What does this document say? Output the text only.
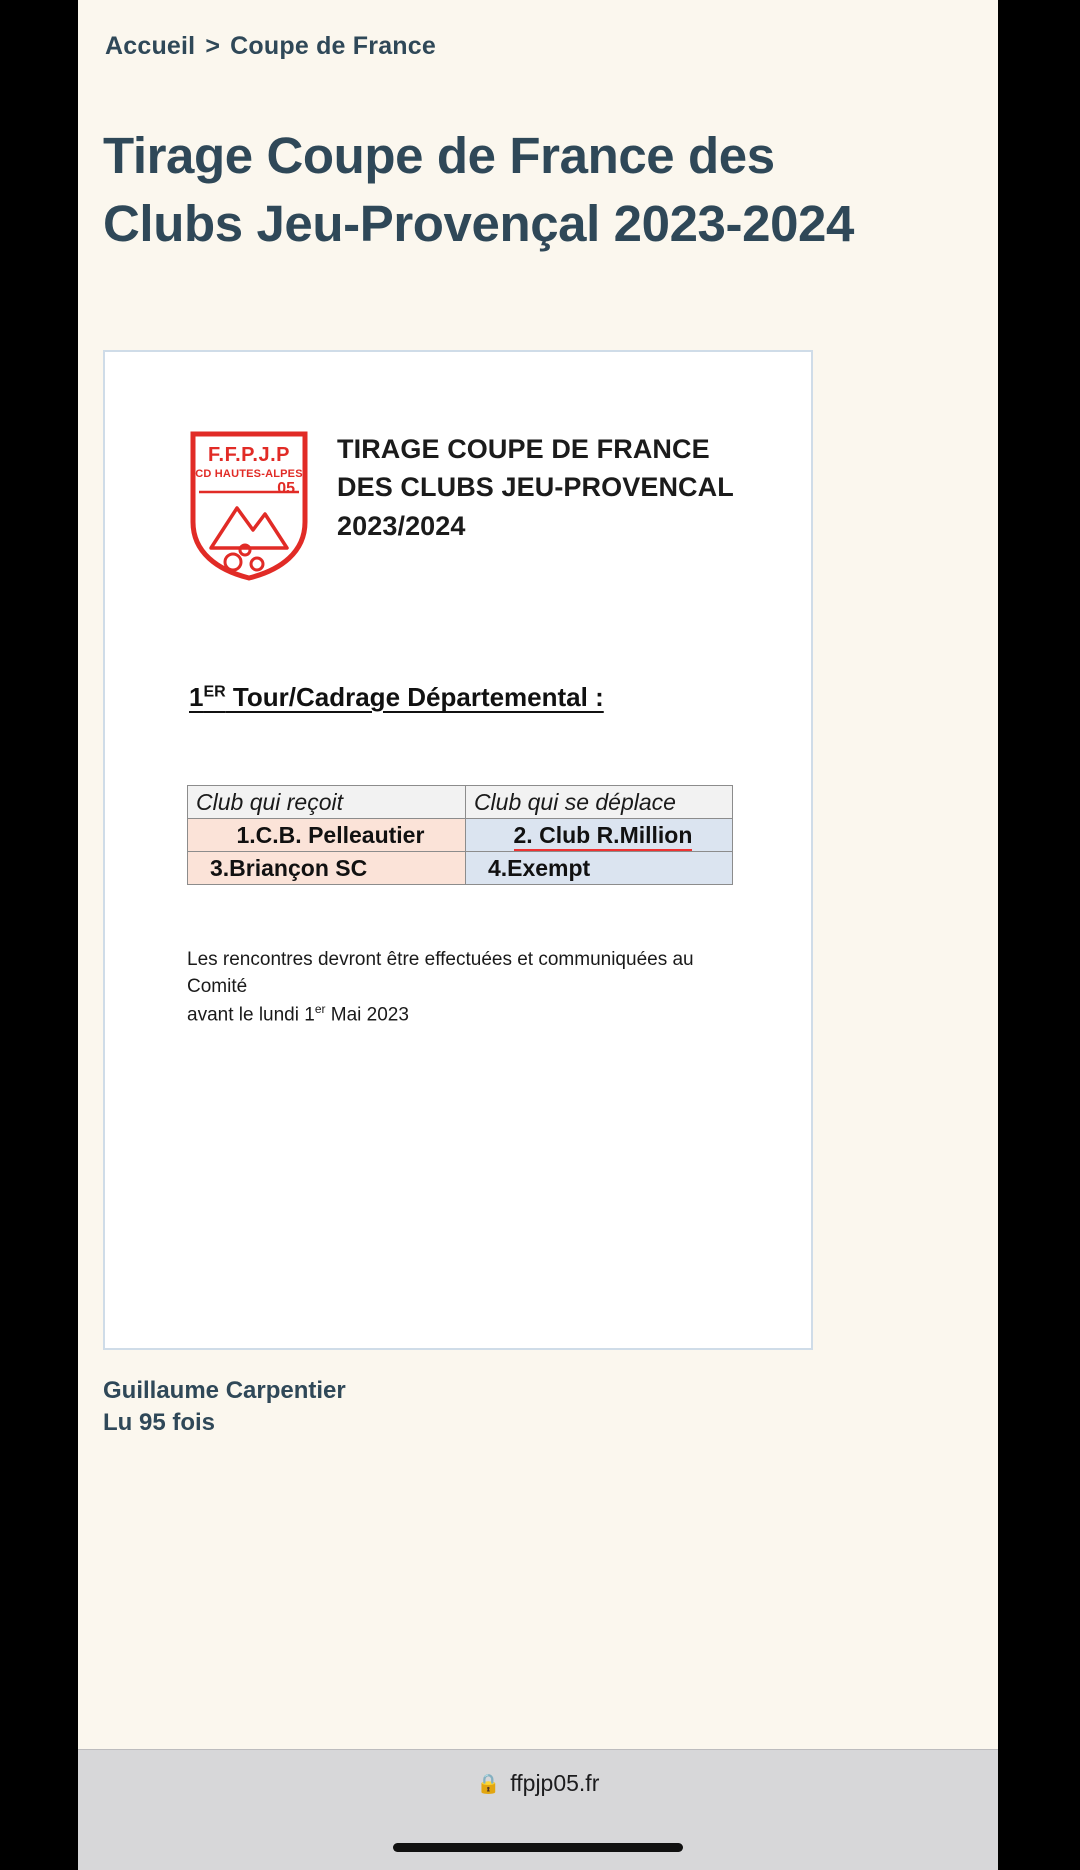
Accueil > Coupe de France
Tirage Coupe de France des Clubs Jeu-Provençal 2023-2024
F.F.P.J.P
CD HAUTES-ALPES
05
TIRAGE COUPE DE FRANCE DES CLUBS JEU-PROVENCAL 2023/2024
1ER Tour/Cadrage Départemental :
Club qui reçoit	Club qui se déplace
1.C.B. Pelleautier	2. Club R.Million
3.Briançon SC	4.Exempt
Les rencontres devront être effectuées et communiquées au Comité
avant le lundi 1er Mai 2023
Guillaume Carpentier
Lu 95 fois
🔒 ffpjp05.fr
